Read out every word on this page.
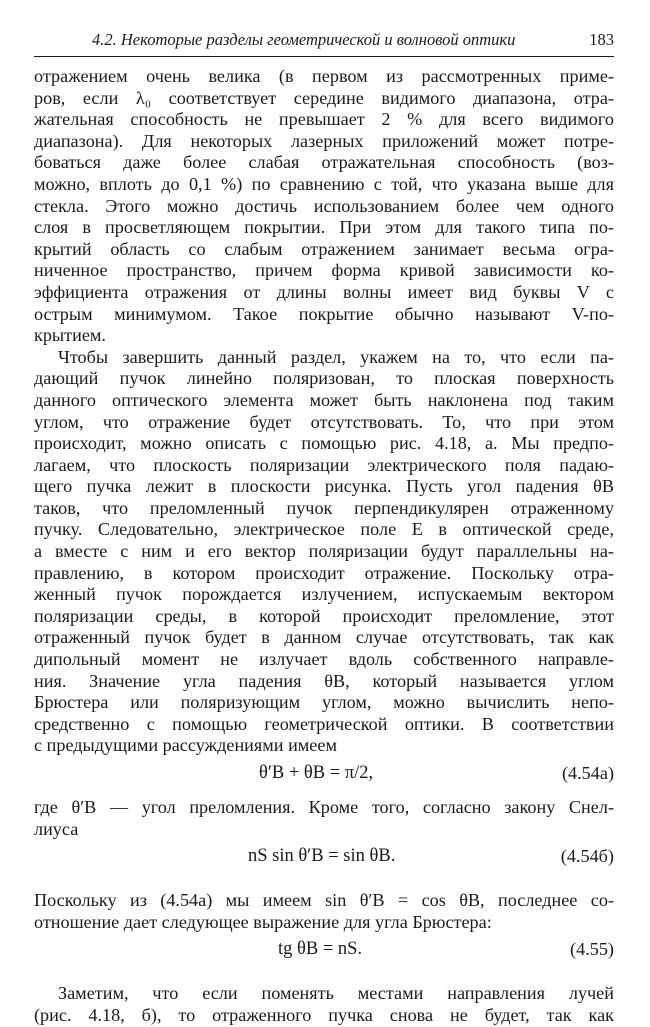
4.2. Некоторые разделы геометрической и волновой оптики	183
отражением очень велика (в первом из рассмотренных приме-
ров, если λ₀ соответствует середине видимого диапазона, отра-
жательная способность не превышает 2 % для всего видимого
диапазона). Для некоторых лазерных приложений может потре-
боваться даже более слабая отражательная способность (воз-
можно, вплоть до 0,1 %) по сравнению с той, что указана выше для
стекла. Этого можно достичь использованием более чем одного
слоя в просветляющем покрытии. При этом для такого типа по-
крытий область со слабым отражением занимает весьма огра-
ниченное пространство, причем форма кривой зависимости ко-
эффициента отражения от длины волны имеет вид буквы V с
острым минимумом. Такое покрытие обычно называют V-по-
крытием.
Чтобы завершить данный раздел, укажем на то, что если па-
дающий пучок линейно поляризован, то плоская поверхность
данного оптического элемента может быть наклонена под таким
углом, что отражение будет отсутствовать. То, что при этом
происходит, можно описать с помощью рис. 4.18, а. Мы предпо-
лагаем, что плоскость поляризации электрического поля падаю-
щего пучка лежит в плоскости рисунка. Пусть угол падения θB
таков, что преломленный пучок перпендикулярен отраженному
пучку. Следовательно, электрическое поле E в оптической среде,
а вместе с ним и его вектор поляризации будут параллельны на-
правлению, в котором происходит отражение. Поскольку отра-
женный пучок порождается излучением, испускаемым вектором
поляризации среды, в которой происходит преломление, этот
отраженный пучок будет в данном случае отсутствовать, так как
дипольный момент не излучает вдоль собственного направле-
ния. Значение угла падения θB, который называется углом
Брюстера или поляризующим углом, можно вычислить непо-
средственно с помощью геометрической оптики. В соответствии
с предыдущими рассуждениями имеем
θ′B + θB = π/2,	(4.54а)
где θ′B — угол преломления. Кроме того, согласно закону Снел-
лиуса
nS sin θ′B = sin θB.	(4.54б)
Поскольку из (4.54а) мы имеем sin θ′B = cos θB, последнее со-
отношение дает следующее выражение для угла Брюстера:
tg θB = nS.	(4.55)
Заметим, что если поменять местами направления лучей
(рис. 4.18, б), то отраженного пучка снова не будет, так как
